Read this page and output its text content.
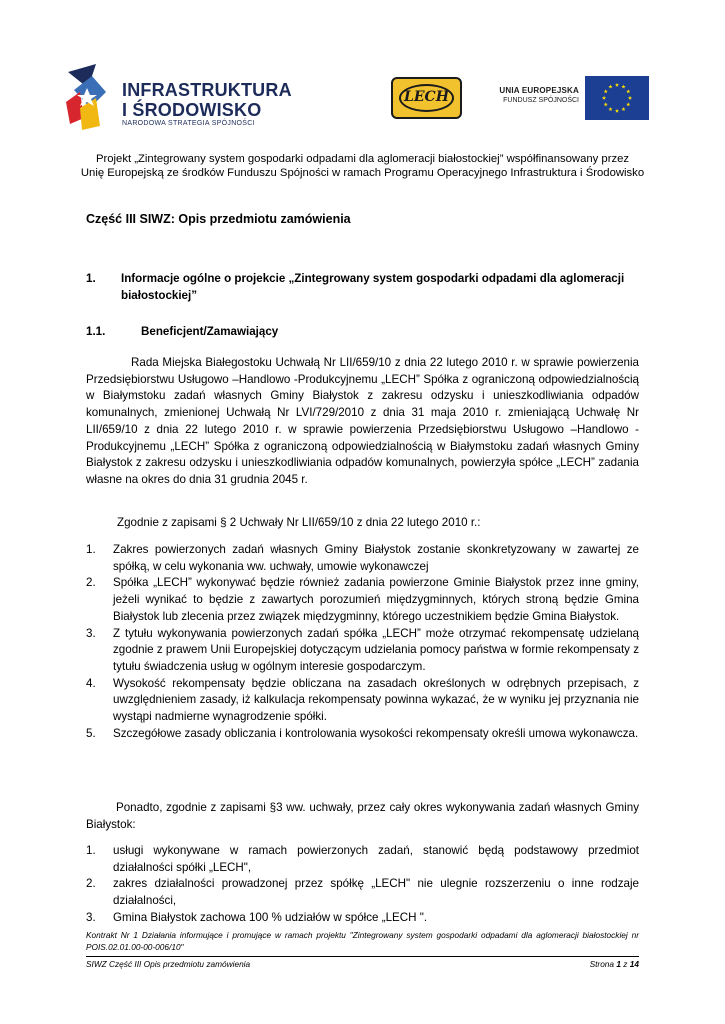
INFRASTRUKTURA
I ŚRODOWISKO
NARODOWA STRATEGIA SPÓJNOŚCI
LECH	UNIA EUROPEJSKA
FUNDUSZ SPÓJNOŚCI
Projekt „Zintegrowany system gospodarki odpadami dla aglomeracji białostockiej” współfinansowany przez
Unię Europejską ze środków Funduszu Spójności w ramach Programu Operacyjnego Infrastruktura i Środowisko
Część III SIWZ: Opis przedmiotu zamówienia
1. Informacje ogólne o projekcie „Zintegrowany system gospodarki odpadami dla aglomeracji białostockiej”
1.1.	Beneficjent/Zamawiający
Rada Miejska Białegostoku Uchwałą Nr LII/659/10 z dnia 22 lutego 2010 r. w sprawie powierzenia Przedsiębiorstwu Usługowo –Handlowo -Produkcyjnemu „LECH” Spółka z ograniczoną odpowiedzialnością w Białymstoku zadań własnych Gminy Białystok z zakresu odzysku i unieszkodliwiania odpadów komunalnych, zmienionej Uchwałą Nr LVI/729/2010 z dnia 31 maja 2010 r. zmieniającą Uchwałę Nr LII/659/10 z dnia 22 lutego 2010 r. w sprawie powierzenia Przedsiębiorstwu Usługowo –Handlowo -Produkcyjnemu „LECH” Spółka z ograniczoną odpowiedzialnością w Białymstoku zadań własnych Gminy Białystok z zakresu odzysku i unieszkodliwiania odpadów komunalnych, powierzyła spółce „LECH” zadania własne na okres do dnia 31 grudnia 2045 r.
Zgodnie z zapisami § 2 Uchwały Nr LII/659/10 z dnia 22 lutego 2010 r.:
1. Zakres powierzonych zadań własnych Gminy Białystok zostanie skonkretyzowany w zawartej ze spółką, w celu wykonania ww. uchwały, umowie wykonawczej
2. Spółka „LECH” wykonywać będzie również zadania powierzone Gminie Białystok przez inne gminy, jeżeli wynikać to będzie z zawartych porozumień międzygminnych, których stroną będzie Gmina Białystok lub zlecenia przez związek międzygminny, którego uczestnikiem będzie Gmina Białystok.
3. Z tytułu wykonywania powierzonych zadań spółka „LECH” może otrzymać rekompensatę udzielaną zgodnie z prawem Unii Europejskiej dotyczącym udzielania pomocy państwa w formie rekompensaty z tytułu świadczenia usług w ogólnym interesie gospodarczym.
4. Wysokość rekompensaty będzie obliczana na zasadach określonych w odrębnych przepisach, z uwzględnieniem zasady, iż kalkulacja rekompensaty powinna wykazać, że w wyniku jej przyznania nie wystąpi nadmierne wynagrodzenie spółki.
5. Szczegółowe zasady obliczania i kontrolowania wysokości rekompensaty określi umowa wykonawcza.
Ponadto, zgodnie z zapisami §3 ww. uchwały, przez cały okres wykonywania zadań własnych Gminy Białystok:
1. usługi wykonywane w ramach powierzonych zadań, stanowić będą podstawowy przedmiot działalności spółki „LECH",
2. zakres działalności prowadzonej przez spółkę „LECH" nie ulegnie rozszerzeniu o inne rodzaje działalności,
3. Gmina Białystok zachowa 100 % udziałów w spółce „LECH ".
Kontrakt Nr 1 Działania informujące i promujące w ramach projektu "Zintegrowany system gospodarki odpadami dla aglomeracji białostockiej nr POIS.02.01.00-00-006/10"
SIWZ Część III Opis przedmiotu zamówienia	Strona 1 z 14
